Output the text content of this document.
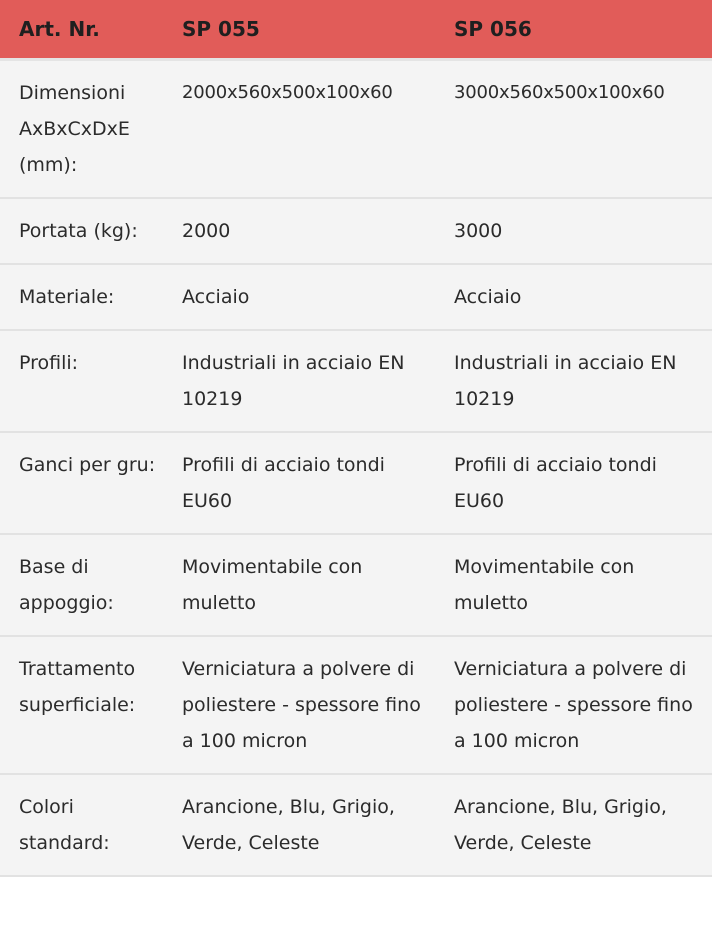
Art. Nr.	SP 055	SP 056
Dimensioni AxBxCxDxE (mm):	2000x560x500x100x60	3000x560x500x100x60
Portata (kg):	2000	3000
Materiale:	Acciaio	Acciaio
Profili:	Industriali in acciaio EN 10219	Industriali in acciaio EN 10219
Ganci per gru:	Profili di acciaio tondi EU60	Profili di acciaio tondi EU60
Base di appoggio:	Movimentabile con muletto	Movimentabile con muletto
Trattamento superficiale:	Verniciatura a polvere di poliestere - spessore fino a 100 micron	Verniciatura a polvere di poliestere - spessore fino a 100 micron
Colori standard:	Arancione, Blu, Grigio, Verde, Celeste	Arancione, Blu, Grigio, Verde, Celeste
